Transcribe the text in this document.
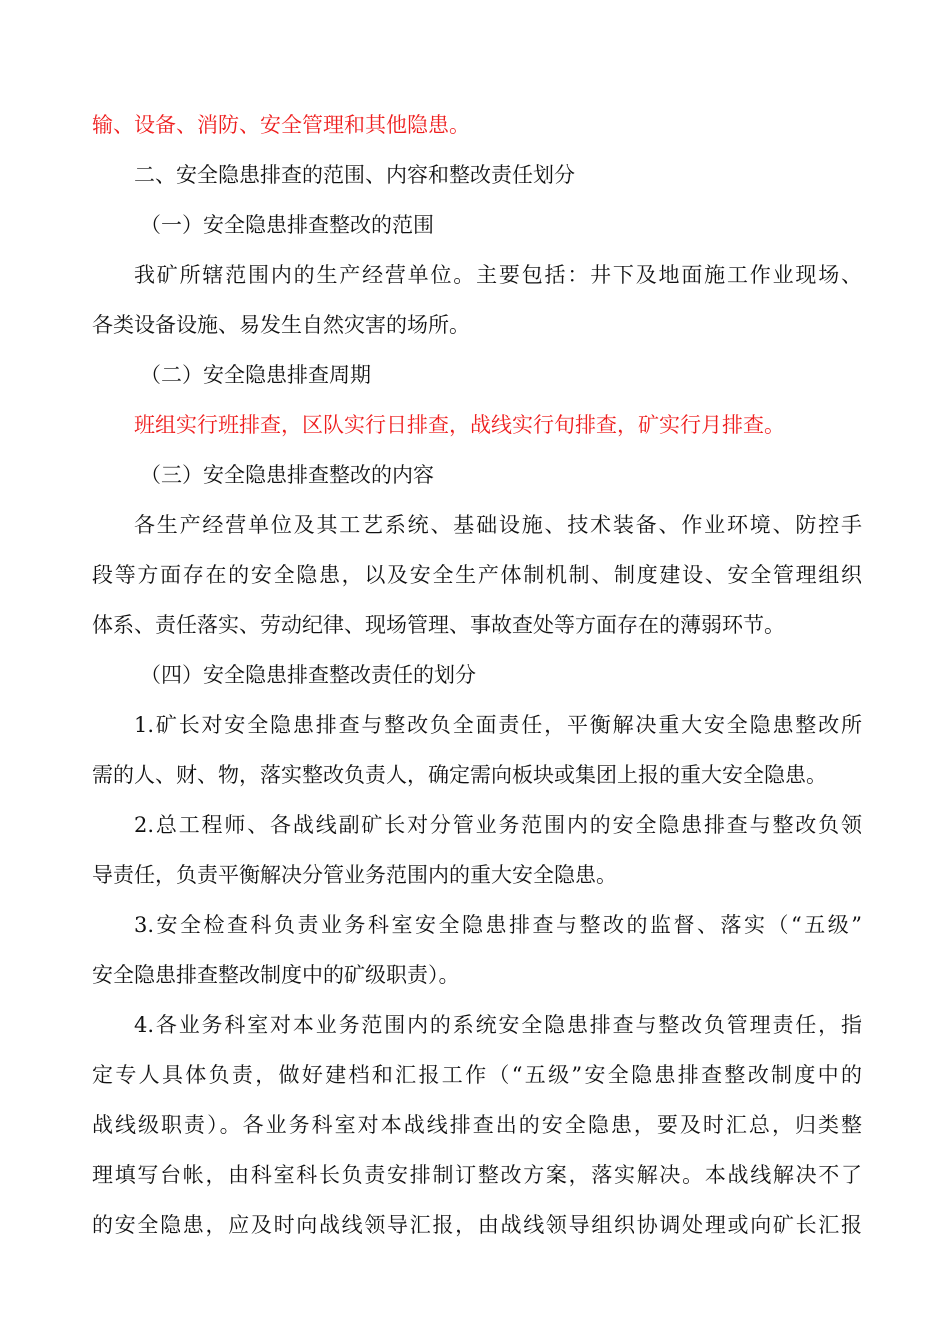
输、设备、消防、安全管理和其他隐患。
二、安全隐患排查的范围、内容和整改责任划分
（一）安全隐患排查整改的范围
我矿所辖范围内的生产经营单位。主要包括：井下及地面施工作业现场、
各类设备设施、易发生自然灾害的场所。
（二）安全隐患排查周期
班组实行班排查，区队实行日排查，战线实行旬排查，矿实行月排查。
（三）安全隐患排查整改的内容
各生产经营单位及其工艺系统、基础设施、技术装备、作业环境、防控手
段等方面存在的安全隐患，以及安全生产体制机制、制度建设、安全管理组织
体系、责任落实、劳动纪律、现场管理、事故查处等方面存在的薄弱环节。
（四）安全隐患排查整改责任的划分
1.矿长对安全隐患排查与整改负全面责任，平衡解决重大安全隐患整改所
需的人、财、物，落实整改负责人，确定需向板块或集团上报的重大安全隐患。
2.总工程师、各战线副矿长对分管业务范围内的安全隐患排查与整改负领
导责任，负责平衡解决分管业务范围内的重大安全隐患。
3.安全检查科负责业务科室安全隐患排查与整改的监督、落实（“五级”
安全隐患排查整改制度中的矿级职责）。
4.各业务科室对本业务范围内的系统安全隐患排查与整改负管理责任，指
定专人具体负责，做好建档和汇报工作（“五级”安全隐患排查整改制度中的
战线级职责）。各业务科室对本战线排查出的安全隐患，要及时汇总，归类整
理填写台帐，由科室科长负责安排制订整改方案，落实解决。本战线解决不了
的安全隐患，应及时向战线领导汇报，由战线领导组织协调处理或向矿长汇报
